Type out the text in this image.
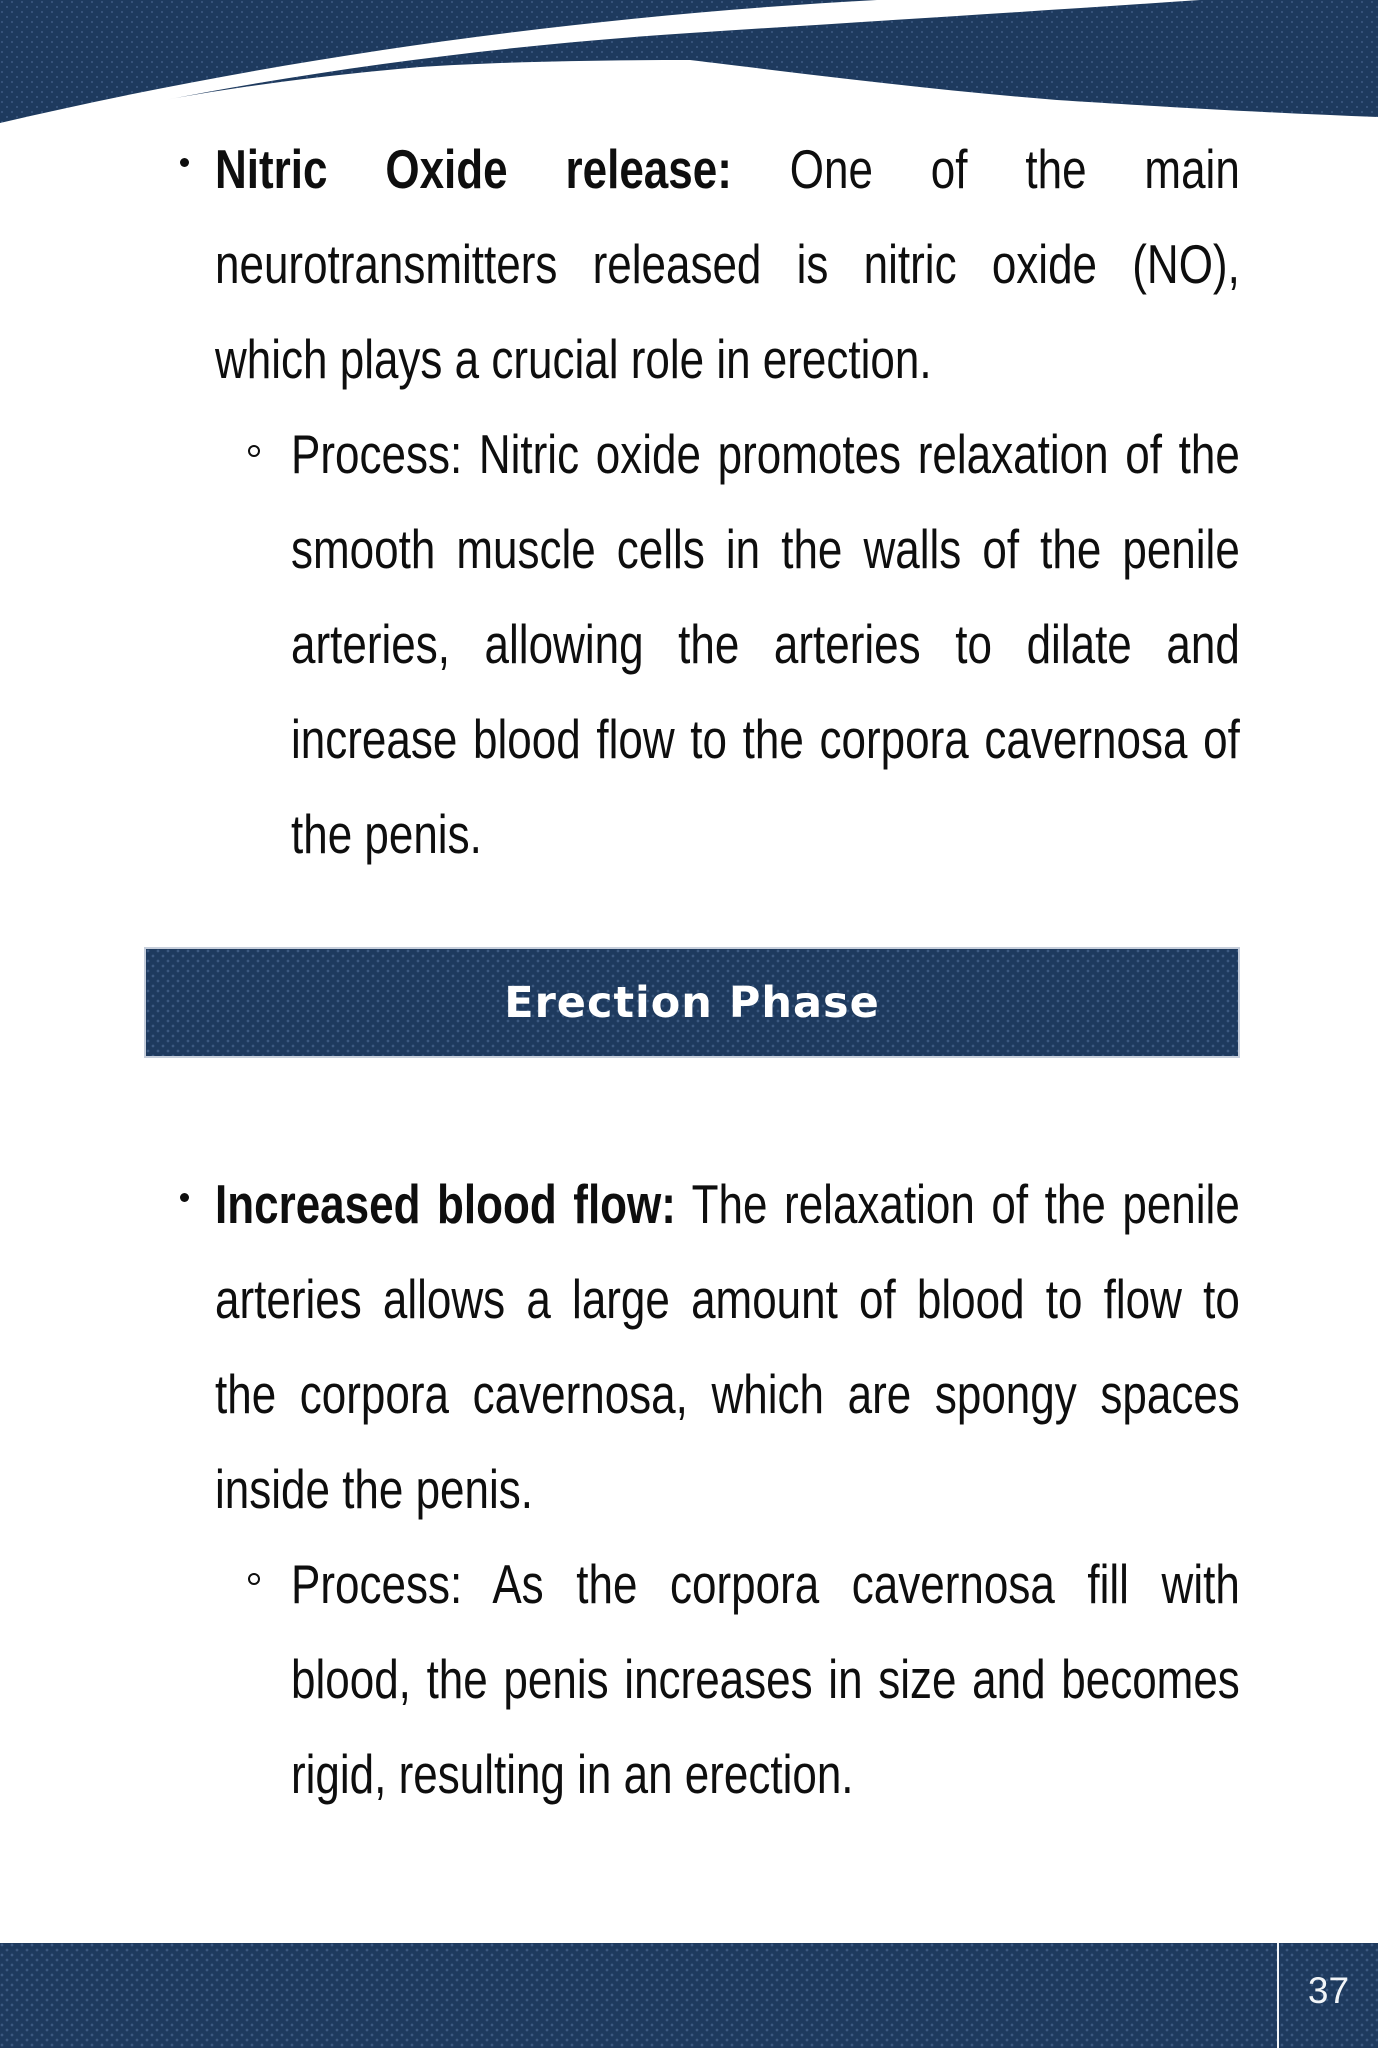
Nitric Oxide release: One of the main
neurotransmitters released is nitric oxide (NO),
which plays a crucial role in erection.
Process: Nitric oxide promotes relaxation of the
smooth muscle cells in the walls of the penile
arteries, allowing the arteries to dilate and
increase blood flow to the corpora cavernosa of
the penis.
Erection Phase
Increased blood flow: The relaxation of the penile
arteries allows a large amount of blood to flow to
the corpora cavernosa, which are spongy spaces
inside the penis.
Process: As the corpora cavernosa fill with
blood, the penis increases in size and becomes
rigid, resulting in an erection.
37
